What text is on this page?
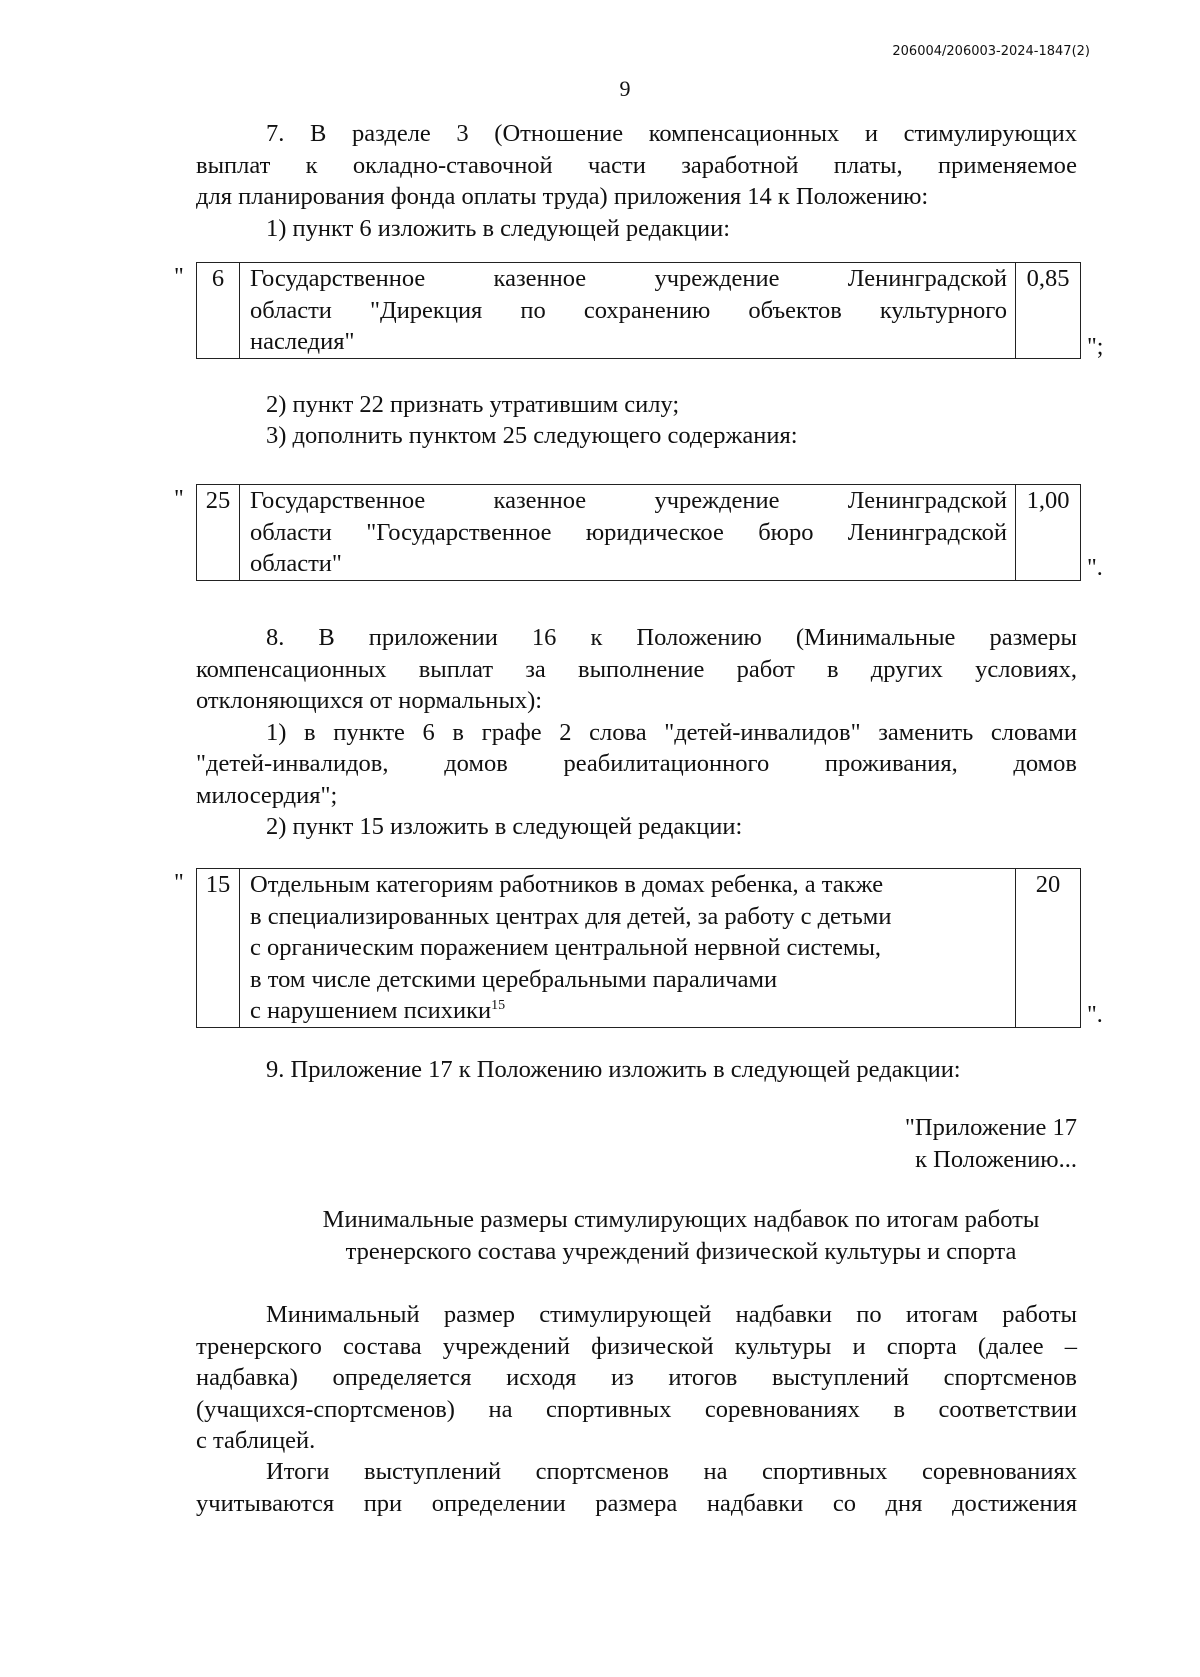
206004/206003-2024-1847(2)
9
7. В разделе 3 (Отношение компенсационных и стимулирующих
выплат к окладно-ставочной части заработной платы, применяемое
для планирования фонда оплаты труда) приложения 14 к Положению:
1) пункт 6 изложить в следующей редакции:
" 6	Государственное казенное учреждение Ленинградской
области "Дирекция по сохранению объектов культурного
наследия"
	0,85
";
2) пункт 22 признать утратившим силу;
3) дополнить пунктом 25 следующего содержания:
" 25	Государственное казенное учреждение Ленинградской
области "Государственное юридическое бюро Ленинградской
области"
	1,00
".
8. В приложении 16 к Положению (Минимальные размеры
компенсационных выплат за выполнение работ в других условиях,
отклоняющихся от нормальных):
1) в пункте 6 в графе 2 слова "детей-инвалидов" заменить словами
"детей-инвалидов, домов реабилитационного проживания, домов
милосердия";
2) пункт 15 изложить в следующей редакции:
" 15	Отдельным категориям работников в домах ребенка, а также
в специализированных центрах для детей, за работу с детьми
с органическим поражением центральной нервной системы,
в том числе детскими церебральными параличами
с нарушением психики$^{15}$
	20
".
9. Приложение 17 к Положению изложить в следующей редакции:
"Приложение 17
к Положению...
Минимальные размеры стимулирующих надбавок по итогам работы
тренерского состава учреждений физической культуры и спорта
Минимальный размер стимулирующей надбавки по итогам работы
тренерского состава учреждений физической культуры и спорта (далее –
надбавка) определяется исходя из итогов выступлений спортсменов
(учащихся-спортсменов) на спортивных соревнованиях в соответствии
с таблицей.
Итоги выступлений спортсменов на спортивных соревнованиях
учитываются при определении размера надбавки со дня достижения
